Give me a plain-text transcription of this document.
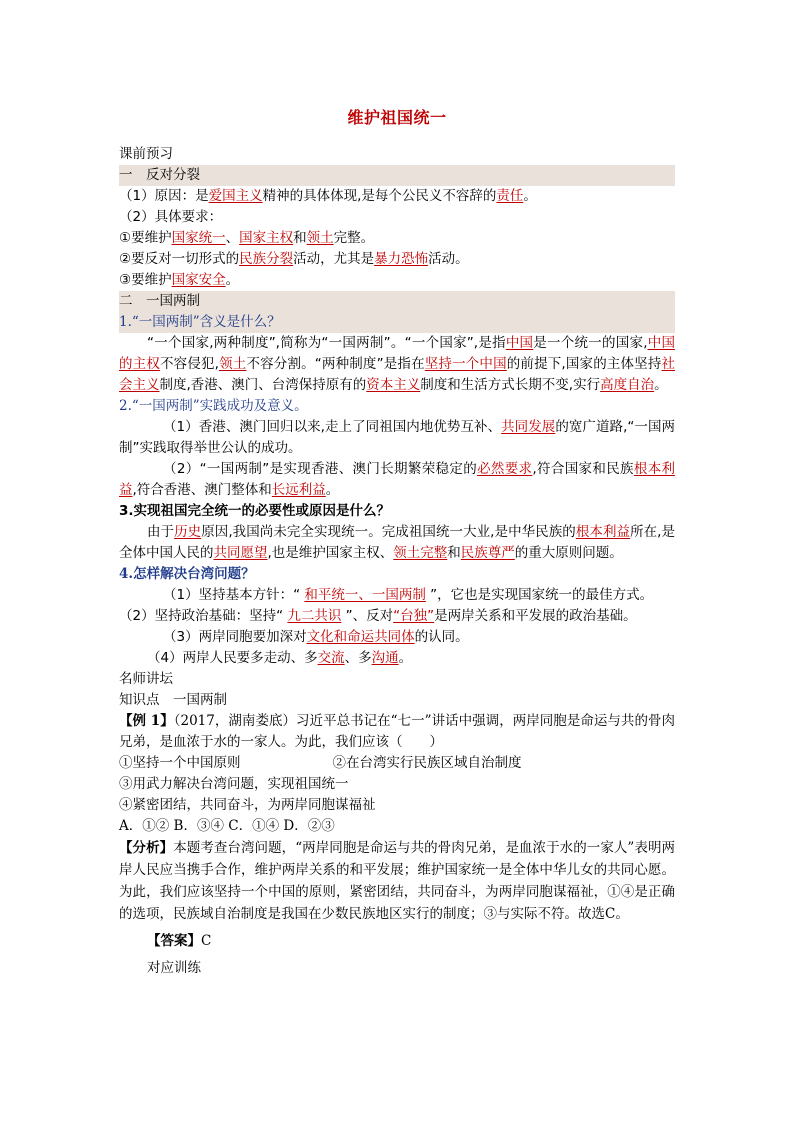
维护祖国统一

课前预习

一　 反对分裂

（1）原因：是爱国主义精神的具体体现,是每个公民义不容辞的责任。

（2）具体要求：

①要维护国家统一、国家主权和领土完整。

②要反对一切形式的民族分裂活动，尤其是暴力恐怖活动。

③要维护国家安全。

二　 一国两制

1.“一国两制”含义是什么？

“一个国家,两种制度”,简称为“一国两制”。“一个国家”,是指中国是一个统一的国家,中国的主权不容侵犯,领土不容分割。“两种制度”是指在坚持一个中国的前提下,国家的主体坚持社会主义制度,香港、澳门、台湾保持原有的资本主义制度和生活方式长期不变,实行高度自治。

2.“一国两制”实践成功及意义。

（1）香港、澳门回归以来,走上了同祖国内地优势互补、共同发展的宽广道路,“一国两制”实践取得举世公认的成功。

（2）“一国两制”是实现香港、澳门长期繁荣稳定的必然要求,符合国家和民族根本利益,符合香港、澳门整体和长远利益。

3.实现祖国完全统一的必要性或原因是什么？

由于历史原因,我国尚未完全实现统一。完成祖国统一大业,是中华民族的根本利益所在,是全体中国人民的共同愿望,也是维护国家主权、领土完整和民族尊严的重大原则问题。

4.怎样解决台湾问题？

（1）坚持基本方针：“ 和平统一、一国两制 ”，它也是实现国家统一的最佳方式。

（2）坚持政治基础：坚持“ 九二共识 ”、反对“台独”是两岸关系和平发展的政治基础。

（3）两岸同胞要加深对文化和命运共同体的认同。

（4）两岸人民要多走动、多交流、多沟通。

名师讲坛

知识点　一国两制

【例 1】（2017，湖南娄底）习近平总书记在“七一”讲话中强调，两岸同胞是命运与共的骨肉兄弟，是血浓于水的一家人。为此，我们应该（　　）

①坚持一个中国原则	②在台湾实行民族区域自治制度

③用武力解决台湾问题，实现祖国统一

④紧密团结，共同奋斗，为两岸同胞谋福祉

A．①② B．③④ C．①④ D．②③

【分析】本题考查台湾问题，“两岸同胞是命运与共的骨肉兄弟，是血浓于水的一家人”表明两岸人民应当携手合作，维护两岸关系的和平发展；维护国家统一是全体中华儿女的共同心愿。为此，我们应该坚持一个中国的原则，紧密团结，共同奋斗，为两岸同胞谋福祉，①④是正确的选项，民族域自治制度是我国在少数民族地区实行的制度；③与实际不符。故选C。

【答案】C

对应训练
